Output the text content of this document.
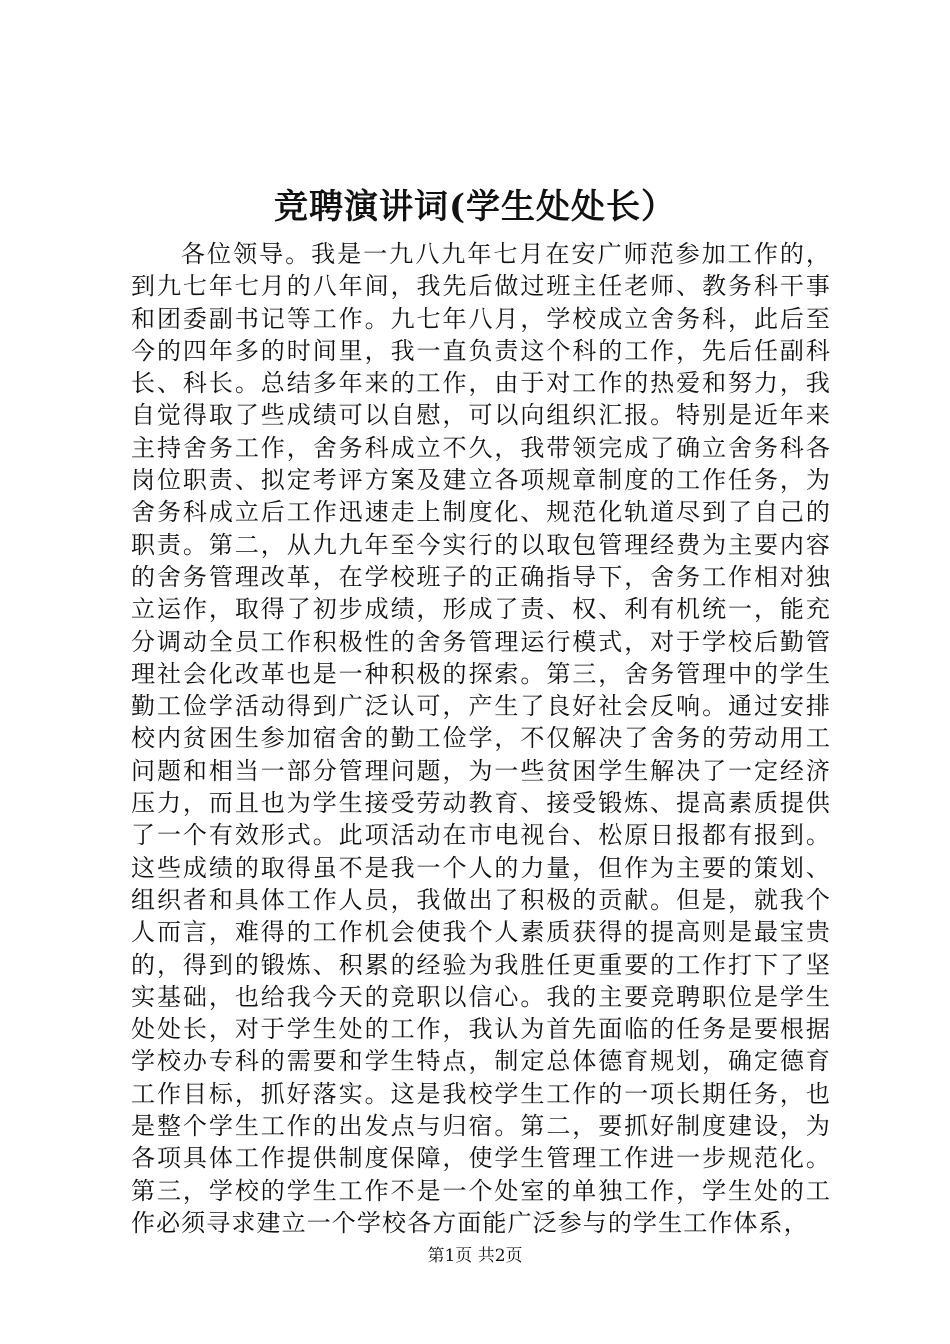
竞聘演讲词(学生处处长）

各位领导。我是一九八九年七月在安广师范参加工作的，到九七年七月的八年间，我先后做过班主任老师、教务科干事和团委副书记等工作。九七年八月，学校成立舍务科，此后至今的四年多的时间里，我一直负责这个科的工作，先后任副科长、科长。总结多年来的工作，由于对工作的热爱和努力，我自觉得取了些成绩可以自慰，可以向组织汇报。特别是近年来主持舍务工作，舍务科成立不久，我带领完成了确立舍务科各岗位职责、拟定考评方案及建立各项规章制度的工作任务，为舍务科成立后工作迅速走上制度化、规范化轨道尽到了自己的职责。第二，从九九年至今实行的以取包管理经费为主要内容的舍务管理改革，在学校班子的正确指导下，舍务工作相对独立运作，取得了初步成绩，形成了责、权、利有机统一，能充分调动全员工作积极性的舍务管理运行模式，对于学校后勤管理社会化改革也是一种积极的探索。第三，舍务管理中的学生勤工俭学活动得到广泛认可，产生了良好社会反响。通过安排校内贫困生参加宿舍的勤工俭学，不仅解决了舍务的劳动用工问题和相当一部分管理问题，为一些贫困学生解决了一定经济压力，而且也为学生接受劳动教育、接受锻炼、提高素质提供了一个有效形式。此项活动在市电视台、松原日报都有报到。这些成绩的取得虽不是我一个人的力量，但作为主要的策划、组织者和具体工作人员，我做出了积极的贡献。但是，就我个人而言，难得的工作机会使我个人素质获得的提高则是最宝贵的，得到的锻炼、积累的经验为我胜任更重要的工作打下了坚实基础，也给我今天的竞职以信心。我的主要竞聘职位是学生处处长，对于学生处的工作，我认为首先面临的任务是要根据学校办专科的需要和学生特点，制定总体德育规划，确定德育工作目标，抓好落实。这是我校学生工作的一项长期任务，也是整个学生工作的出发点与归宿。第二，要抓好制度建设，为各项具体工作提供制度保障，使学生管理工作进一步规范化。第三，学校的学生工作不是一个处室的单独工作，学生处的工作必须寻求建立一个学校各方面能广泛参与的学生工作体系，

第1页 共2页
